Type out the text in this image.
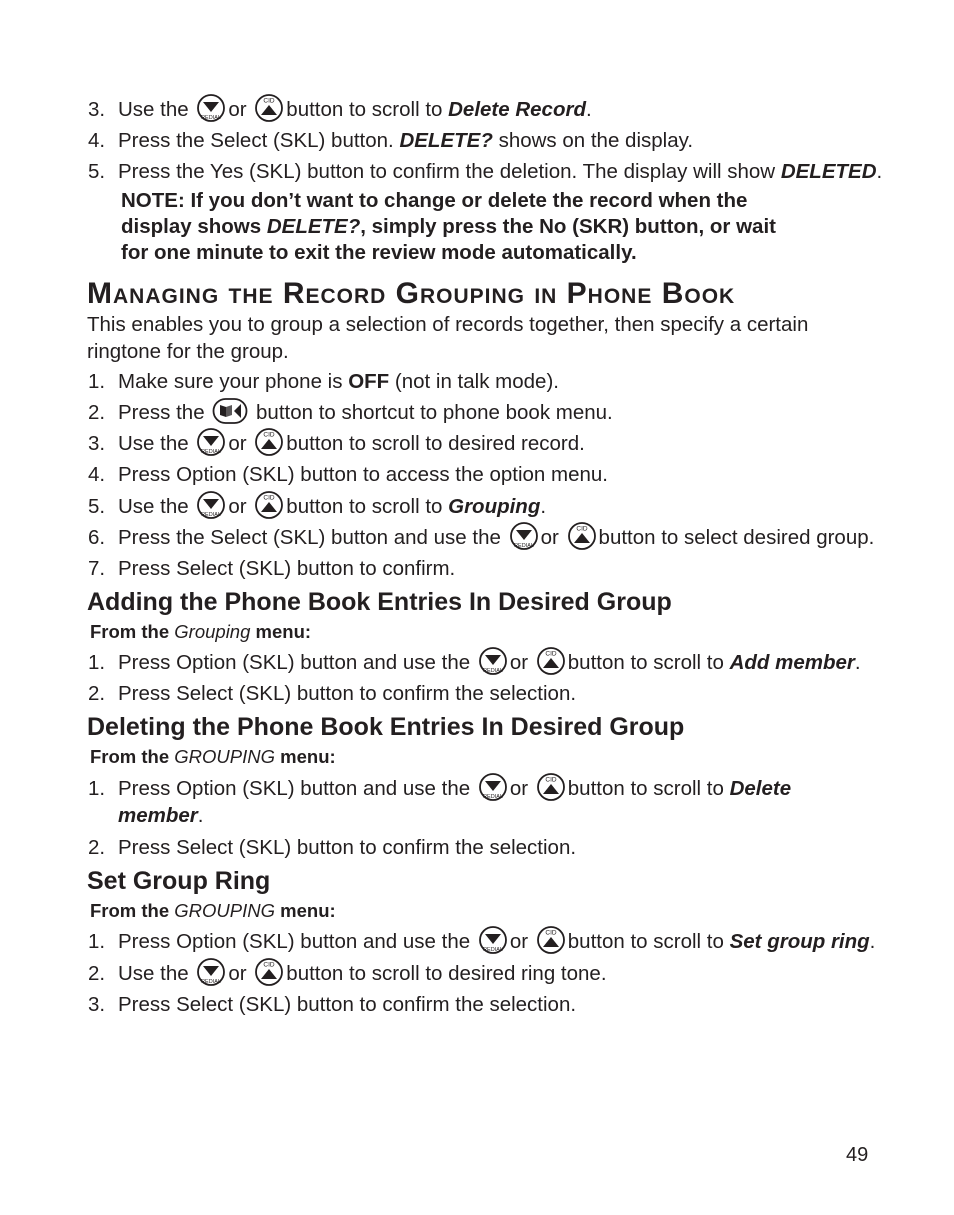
3. Use the or button to scroll to Delete Record.
4. Press the Select (SKL) button. DELETE? shows on the display.
5. Press the Yes (SKL) button to confirm the deletion. The display will show DELETED.
NOTE: If you don’t want to change or delete the record when the
display shows DELETE?, simply press the No (SKR) button, or wait
for one minute to exit the review mode automatically.
Managing the Record Grouping in Phone Book
This enables you to group a selection of records together, then specify a certain
ringtone for the group.
1. Make sure your phone is OFF (not in talk mode).
2. Press the	button to shortcut to phone book menu.
3. Use the or button to scroll to desired record.
4. Press Option (SKL) button to access the option menu.
5. Use the or button to scroll to Grouping.
6. Press the Select (SKL) button and use the or button to select desired group.
7. Press Select (SKL) button to confirm.
Adding the Phone Book Entries In Desired Group
From the Grouping menu:
1. Press Option (SKL) button and use the or button to scroll to Add member.
2. Press Select (SKL) button to confirm the selection.
Deleting the Phone Book Entries In Desired Group
From the GROUPING menu:
1. Press Option (SKL) button and use the or button to scroll to Delete
member.
2. Press Select (SKL) button to confirm the selection.
Set Group Ring
From the GROUPING menu:
1. Press Option (SKL) button and use the or button to scroll to Set group ring.
2. Use the or button to scroll to desired ring tone.
3. Press Select (SKL) button to confirm the selection.
49
